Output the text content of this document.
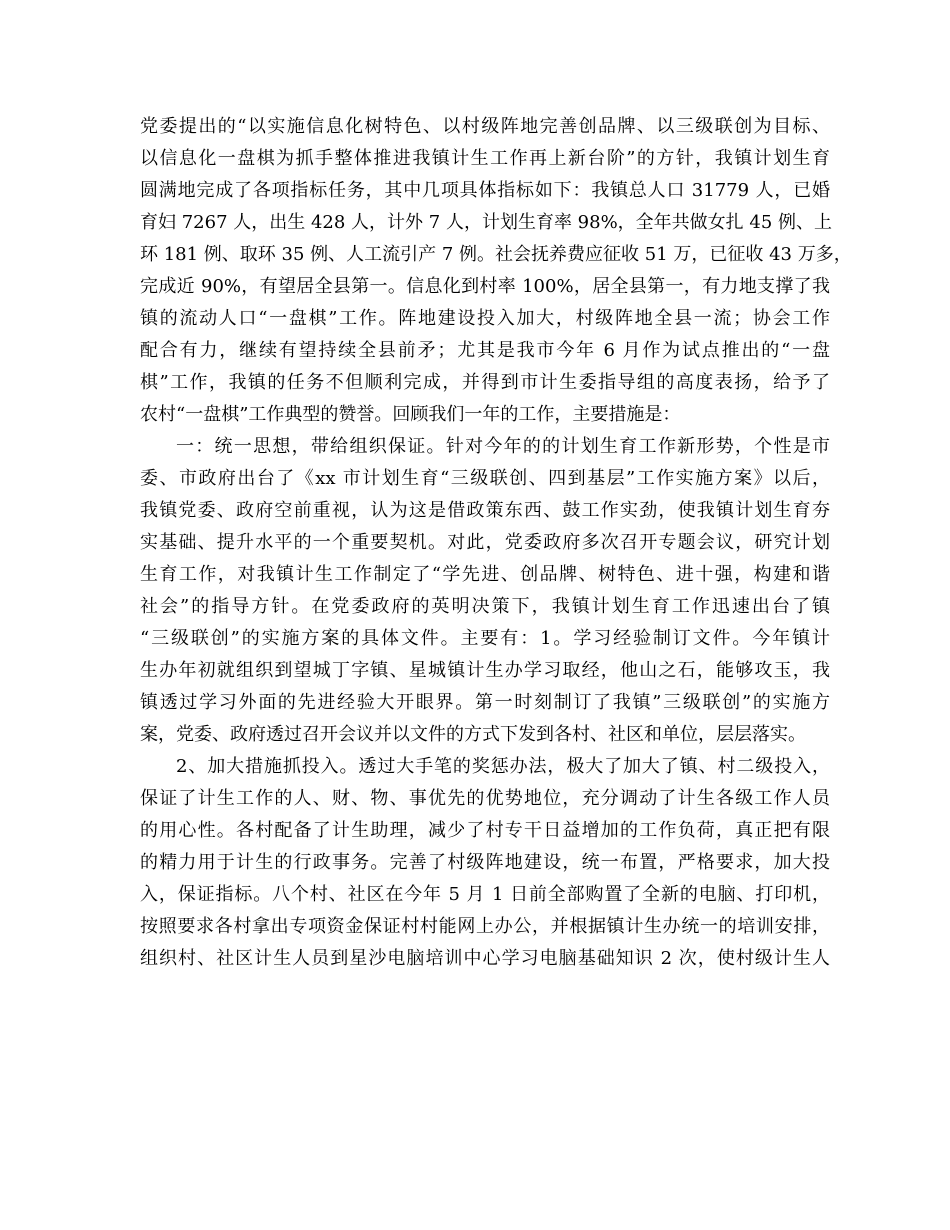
党委提出的“以实施信息化树特色、以村级阵地完善创品牌、以三级联创为目标、
以信息化一盘棋为抓手整体推进我镇计生工作再上新台阶”的方针，我镇计划生育
圆满地完成了各项指标任务，其中几项具体指标如下：我镇总人口 31779 人，已婚
育妇 7267 人，出生 428 人，计外 7 人，计划生育率 98%，全年共做女扎 45 例、上
环 181 例、取环 35 例、人工流引产 7 例。社会抚养费应征收 51 万，已征收 43 万多，
完成近 90%，有望居全县第一。信息化到村率 100%，居全县第一，有力地支撑了我
镇的流动人口“一盘棋”工作。阵地建设投入加大，村级阵地全县一流；协会工作
配合有力，继续有望持续全县前矛；尤其是我市今年 6 月作为试点推出的“一盘
棋”工作，我镇的任务不但顺利完成，并得到市计生委指导组的高度表扬，给予了
农村“一盘棋”工作典型的赞誉。回顾我们一年的工作，主要措施是：
一：统一思想，带给组织保证。针对今年的的计划生育工作新形势，个性是市
委、市政府出台了《xx 市计划生育“三级联创、四到基层”工作实施方案》以后，
我镇党委、政府空前重视，认为这是借政策东西、鼓工作实劲，使我镇计划生育夯
实基础、提升水平的一个重要契机。对此，党委政府多次召开专题会议，研究计划
生育工作，对我镇计生工作制定了“学先进、创品牌、树特色、进十强，构建和谐
社会”的指导方针。在党委政府的英明决策下，我镇计划生育工作迅速出台了镇
“三级联创”的实施方案的具体文件。主要有：1。学习经验制订文件。今年镇计
生办年初就组织到望城丁字镇、星城镇计生办学习取经，他山之石，能够攻玉，我
镇透过学习外面的先进经验大开眼界。第一时刻制订了我镇”三级联创”的实施方
案，党委、政府透过召开会议并以文件的方式下发到各村、社区和单位，层层落实。
2、加大措施抓投入。透过大手笔的奖惩办法，极大了加大了镇、村二级投入，
保证了计生工作的人、财、物、事优先的优势地位，充分调动了计生各级工作人员
的用心性。各村配备了计生助理，减少了村专干日益增加的工作负荷，真正把有限
的精力用于计生的行政事务。完善了村级阵地建设，统一布置，严格要求，加大投
入，保证指标。八个村、社区在今年 5 月 1 日前全部购置了全新的电脑、打印机，
按照要求各村拿出专项资金保证村村能网上办公，并根据镇计生办统一的培训安排，
组织村、社区计生人员到星沙电脑培训中心学习电脑基础知识 2 次，使村级计生人
